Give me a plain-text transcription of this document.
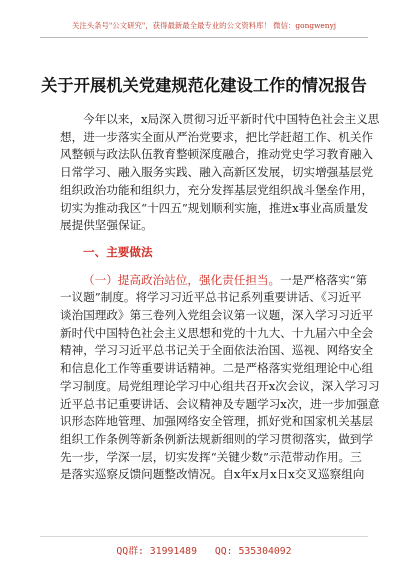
关注头条号"公文研究"，获得最新最全最专业的公文资料库！ 微信：gongwenyj
关于开展机关党建规范化建设工作的情况报告

今年以来，x局深入贯彻习近平新时代中国特色社会主义思

想，进一步落实全面从严治党要求，把比学赶超工作、机关作

风整顿与政法队伍教育整顿深度融合，推动党史学习教育融入

日常学习、融入服务实践、融入高新区发展，切实增强基层党

组织政治功能和组织力，充分发挥基层党组织战斗堡垒作用，

切实为推动我区“十四五”规划顺利实施，推进x事业高质量发

展提供坚强保证。

一、主要做法

（一）提高政治站位，强化责任担当。一是严格落实“第

一议题”制度。将学习习近平总书记系列重要讲话、《习近平

谈治国理政》第三卷列入党组会议第一议题，深入学习习近平

新时代中国特色社会主义思想和党的十九大、十九届六中全会

精神，学习习近平总书记关于全面依法治国、巡视、网络安全

和信息化工作等重要讲话精神。二是严格落实党组理论中心组

学习制度。局党组理论学习中心组共召开x次会议，深入学习习

近平总书记重要讲话、会议精神及专题学习x次，进一步加强意

识形态阵地管理、加强网络安全管理，抓好党和国家机关基层

组织工作条例等新条例新法规新细则的学习贯彻落实，做到学

先一步，学深一层，切实发挥“关键少数”示范带动作用。三

是落实巡察反馈问题整改情况。自x年x月x日x交叉巡察组向

QQ群: 31991489 QQ: 535304092
